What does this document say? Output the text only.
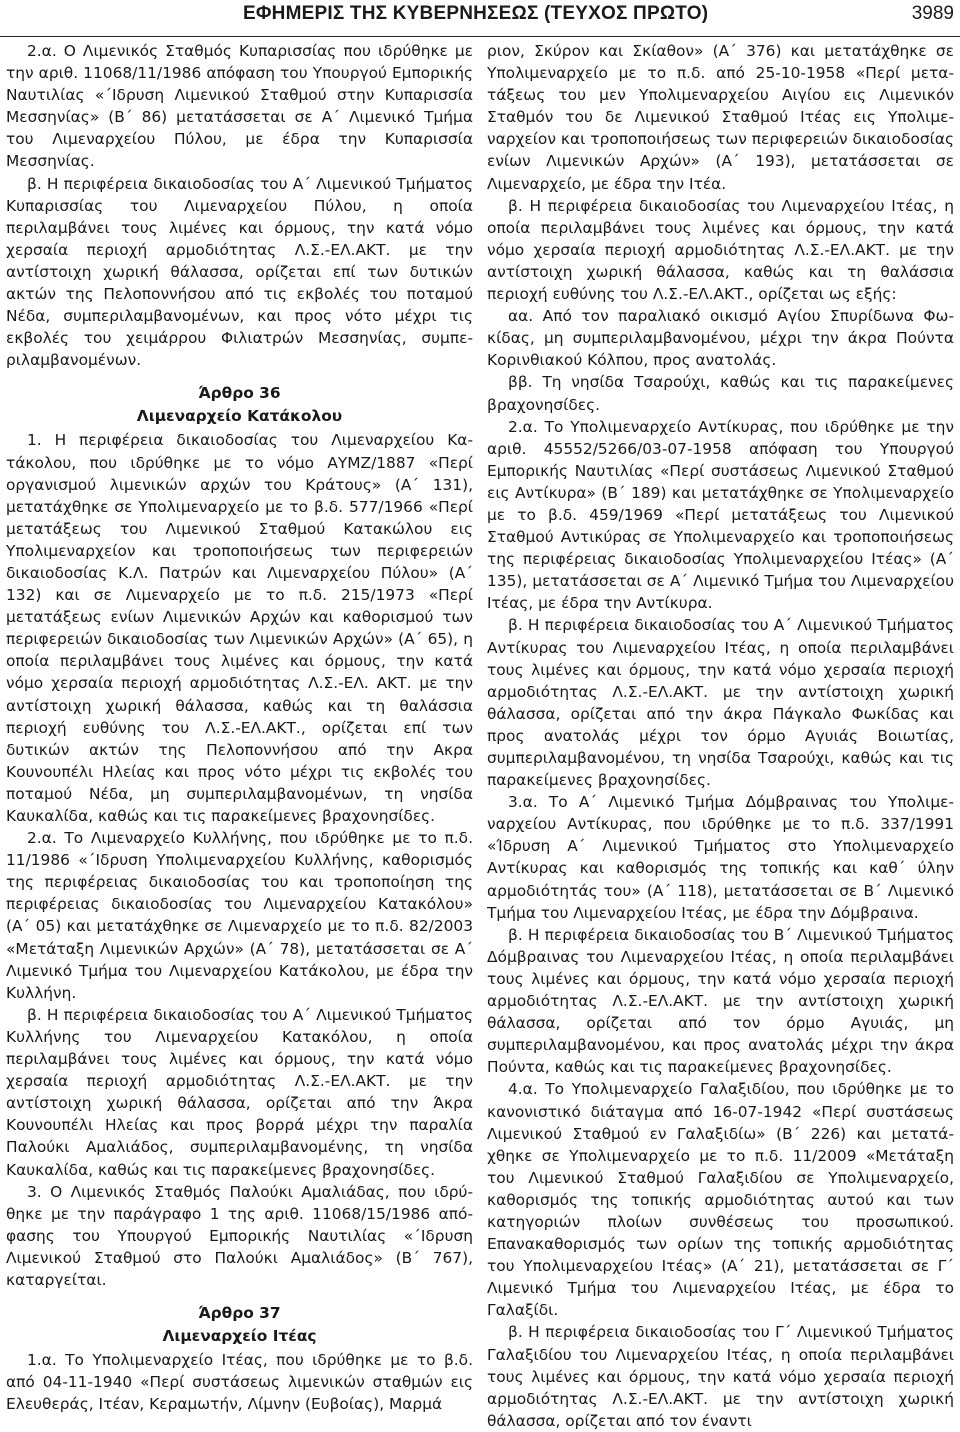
ΕΦΗΜΕΡΙΣ ΤΗΣ ΚΥΒΕΡΝΗΣΕΩΣ (ΤΕΥΧΟΣ ΠΡΩΤΟ)	3989

2.α. Ο Λιμενικός Σταθμός Κυπαρισσίας που ιδρύθηκε με την αριθ. 11068/11/1986 απόφαση του Υπουργού Εμπορικής Ναυτιλίας «΄Ιδρυση Λιμενικού Σταθμού στην Κυπαρισσία Μεσσηνίας» (Β΄ 86) μετατάσσεται σε Α΄ Λιμενικό Τμήμα του Λιμεναρχείου Πύλου, με έδρα την Κυπαρισσία Μεσσηνίας.

β. Η περιφέρεια δικαιοδοσίας του Α΄ Λιμενικού Τμήματος Κυπαρισσίας του Λιμεναρχείου Πύλου, η οποία περιλαμβάνει τους λιμένες και όρμους, την κατά νόμο χερσαία περιοχή αρμοδιότητας Λ.Σ.-ΕΛ.ΑΚΤ. με την αντίστοιχη χωρική θάλασσα, ορίζεται επί των δυτικών ακτών της Πελοποννήσου από τις εκβολές του ποταμού Νέδα, συμπεριλαμβανομένων, και προς νότο μέχρι τις εκβολές του χειμάρρου Φιλιατρών Μεσσηνίας, συμπεριλαμβανομένων.

Άρθρο 36
Λιμεναρχείο Κατάκολου

1. Η περιφέρεια δικαιοδοσίας του Λιμεναρχείου Κατάκολου, που ιδρύθηκε με το νόμο ΑΥΜΖ/1887 «Περί οργανισμού λιμενικών αρχών του Κράτους» (Α΄ 131), μετατάχθηκε σε Υπολιμεναρχείο με το β.δ. 577/1966 «Περί μετατάξεως του Λιμενικού Σταθμού Κατακώλου εις Υπολιμεναρχείον και τροποποιήσεως των περιφερειών δικαιοδοσίας Κ.Λ. Πατρών και Λιμεναρχείου Πύλου» (Α΄ 132) και σε Λιμεναρχείο με το π.δ. 215/1973 «Περί μετατάξεως ενίων Λιμενικών Αρχών και καθορισμού των περιφερειών δικαιοδοσίας των Λιμενικών Αρχών» (Α΄ 65), η οποία περιλαμβάνει τους λιμένες και όρμους, την κατά νόμο χερσαία περιοχή αρμοδιότητας Λ.Σ.-ΕΛ. ΑΚΤ. με την αντίστοιχη χωρική θάλασσα, καθώς και τη θαλάσσια περιοχή ευθύνης του Λ.Σ.-ΕΛ.ΑΚΤ., ορίζεται επί των δυτικών ακτών της Πελοποννήσου από την Ακρα Κουνουπέλι Ηλείας και προς νότο μέχρι τις εκβολές του ποταμού Νέδα, μη συμπεριλαμβανομένων, τη νησίδα Καυκαλίδα, καθώς και τις παρακείμενες βραχονησίδες.

2.α. Το Λιμεναρχείο Κυλλήνης, που ιδρύθηκε με το π.δ. 11/1986 «΄Ιδρυση Υπολιμεναρχείου Κυλλήνης, καθορισμός της περιφέρειας δικαιοδοσίας του και τροποποίηση της περιφέρειας δικαιοδοσίας του Λιμεναρχείου Κατακόλου» (Α΄ 05) και μετατάχθηκε σε Λιμεναρχείο με το π.δ. 82/2003 «Μετάταξη Λιμενικών Αρχών» (Α΄ 78), μετατάσσεται σε Α΄ Λιμενικό Τμήμα του Λιμεναρχείου Κατάκολου, με έδρα την Κυλλήνη.

β. Η περιφέρεια δικαιοδοσίας του Α΄ Λιμενικού Τμήματος Κυλλήνης του Λιμεναρχείου Κατακόλου, η οποία περιλαμβάνει τους λιμένες και όρμους, την κατά νόμο χερσαία περιοχή αρμοδιότητας Λ.Σ.-ΕΛ.ΑΚΤ. με την αντίστοιχη χωρική θάλασσα, ορίζεται από την Άκρα Κουνουπέλι Ηλείας και προς βορρά μέχρι την παραλία Παλούκι Αμαλιάδος, συμπεριλαμβανομένης, τη νησίδα Καυκαλίδα, καθώς και τις παρακείμενες βραχονησίδες.

3. Ο Λιμενικός Σταθμός Παλούκι Αμαλιάδας, που ιδρύθηκε με την παράγραφο 1 της αριθ. 11068/15/1986 απόφασης του Υπουργού Εμπορικής Ναυτιλίας «΄Ιδρυση Λιμενικού Σταθμού στο Παλούκι Αμαλιάδος» (Β΄ 767), καταργείται.

Άρθρο 37
Λιμεναρχείο Ιτέας

1.α. Το Υπολιμεναρχείο Ιτέας, που ιδρύθηκε με το β.δ. από 04-11-1940 «Περί συστάσεως λιμενικών σταθμών εις Ελευθεράς, Ιτέαν, Κεραμωτήν, Λίμνην (Ευβοίας), Μαρμά

ριον, Σκύρον και Σκίαθον» (Α΄ 376) και μετατάχθηκε σε Υπολιμεναρχείο με το π.δ. από 25-10-1958 «Περί μετατάξεως του μεν Υπολιμεναρχείου Αιγίου εις Λιμενικόν Σταθμόν του δε Λιμενικού Σταθμού Ιτέας εις Υπολιμεναρχείον και τροποποιήσεως των περιφερειών δικαιοδοσίας ενίων Λιμενικών Αρχών» (Α΄ 193), μετατάσσεται σε Λιμεναρχείο, με έδρα την Ιτέα.

β. Η περιφέρεια δικαιοδοσίας του Λιμεναρχείου Ιτέας, η οποία περιλαμβάνει τους λιμένες και όρμους, την κατά νόμο χερσαία περιοχή αρμοδιότητας Λ.Σ.-ΕΛ.ΑΚΤ. με την αντίστοιχη χωρική θάλασσα, καθώς και τη θαλάσσια περιοχή ευθύνης του Λ.Σ.-ΕΛ.ΑΚΤ., ορίζεται ως εξής:

αα. Από τον παραλιακό οικισμό Αγίου Σπυρίδωνα Φωκίδας, μη συμπεριλαμβανομένου, μέχρι την άκρα Πούντα Κορινθιακού Κόλπου, προς ανατολάς.

ββ. Τη νησίδα Τσαρούχι, καθώς και τις παρακείμενες βραχονησίδες.

2.α. Το Υπολιμεναρχείο Αντίκυρας, που ιδρύθηκε με την αριθ. 45552/5266/03-07-1958 απόφαση του Υπουργού Εμπορικής Ναυτιλίας «Περί συστάσεως Λιμενικού Σταθμού εις Αντίκυρα» (Β΄ 189) και μετατάχθηκε σε Υπολιμεναρχείο με το β.δ. 459/1969 «Περί μετατάξεως του Λιμενικού Σταθμού Αντικύρας σε Υπολιμεναρχείο και τροποποιήσεως της περιφέρειας δικαιοδοσίας Υπολιμεναρχείου Ιτέας» (Α΄ 135), μετατάσσεται σε Α΄ Λιμενικό Τμήμα του Λιμεναρχείου Ιτέας, με έδρα την Αντίκυρα.

β. Η περιφέρεια δικαιοδοσίας του Α΄ Λιμενικού Τμήματος Αντίκυρας του Λιμεναρχείου Ιτέας, η οποία περιλαμβάνει τους λιμένες και όρμους, την κατά νόμο χερσαία περιοχή αρμοδιότητας Λ.Σ.-ΕΛ.ΑΚΤ. με την αντίστοιχη χωρική θάλασσα, ορίζεται από την άκρα Πάγκαλο Φωκίδας και προς ανατολάς μέχρι τον όρμο Αγυιάς Βοιωτίας, συμπεριλαμβανομένου, τη νησίδα Τσαρούχι, καθώς και τις παρακείμενες βραχονησίδες.

3.α. Το Α΄ Λιμενικό Τμήμα Δόμβραινας του Υπολιμεναρχείου Αντίκυρας, που ιδρύθηκε με το π.δ. 337/1991 «Ίδρυση Α΄ Λιμενικού Τμήματος στο Υπολιμεναρχείο Αντίκυρας και καθορισμός της τοπικής και καθ΄ ύλην αρμοδιότητάς του» (Α΄ 118), μετατάσσεται σε Β΄ Λιμενικό Τμήμα του Λιμεναρχείου Ιτέας, με έδρα την Δόμβραινα.

β. Η περιφέρεια δικαιοδοσίας του Β΄ Λιμενικού Τμήματος Δόμβραινας του Λιμεναρχείου Ιτέας, η οποία περιλαμβάνει τους λιμένες και όρμους, την κατά νόμο χερσαία περιοχή αρμοδιότητας Λ.Σ.-ΕΛ.ΑΚΤ. με την αντίστοιχη χωρική θάλασσα, ορίζεται από τον όρμο Αγυιάς, μη συμπεριλαμβανομένου, και προς ανατολάς μέχρι την άκρα Πούντα, καθώς και τις παρακείμενες βραχονησίδες.

4.α. Το Υπολιμεναρχείο Γαλαξιδίου, που ιδρύθηκε με το κανονιστικό διάταγμα από 16-07-1942 «Περί συστάσεως Λιμενικού Σταθμού εν Γαλαξιδίω» (Β΄ 226) και μετατάχθηκε σε Υπολιμεναρχείο με το π.δ. 11/2009 «Μετάταξη του Λιμενικού Σταθμού Γαλαξιδίου σε Υπολιμεναρχείο, καθορισμός της τοπικής αρμοδιότητας αυτού και των κατηγοριών πλοίων συνθέσεως του προσωπικού. Επανακαθορισμός των ορίων της τοπικής αρμοδιότητας του Υπολιμεναρχείου Ιτέας» (Α΄ 21), μετατάσσεται σε Γ΄ Λιμενικό Τμήμα του Λιμεναρχείου Ιτέας, με έδρα το Γαλαξίδι.

β. Η περιφέρεια δικαιοδοσίας του Γ΄ Λιμενικού Τμήματος Γαλαξιδίου του Λιμεναρχείου Ιτέας, η οποία περιλαμβάνει τους λιμένες και όρμους, την κατά νόμο χερσαία περιοχή αρμοδιότητας Λ.Σ.-ΕΛ.ΑΚΤ. με την αντίστοιχη χωρική θάλασσα, ορίζεται από τον έναντι
